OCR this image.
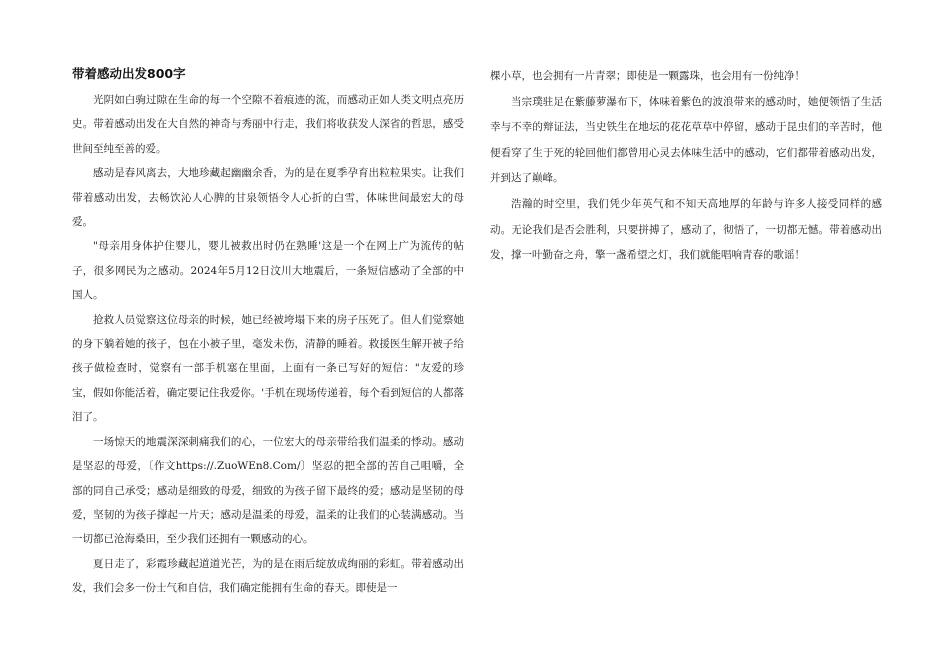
带着感动出发800字

光阴如白驹过隙在生命的每一个空隙不着痕迹的流，而感动正如人类文明点亮历史。带着感动出发在大自然的神奇与秀丽中行走，我们将收获发人深省的哲思，感受世间至纯至善的爱。

感动是春风离去，大地珍藏起幽幽余香，为的是在夏季孕育出粒粒果实。让我们带着感动出发，去畅饮沁人心脾的甘泉领悟令人心折的白雪，体味世间最宏大的母爱。

"母亲用身体护住婴儿，婴儿被救出时仍在熟睡'这是一个在网上广为流传的帖子，很多网民为之感动。2024年5月12日汶川大地震后，一条短信感动了全部的中国人。

抢救人员觉察这位母亲的时候，她已经被垮塌下来的房子压死了。但人们觉察她的身下躺着她的孩子，包在小被子里，毫发未伤，清静的睡着。救援医生解开被子给孩子做检查时，觉察有一部手机塞在里面，上面有一条已写好的短信："友爱的珍宝，假如你能活着，确定要记住我爱你。'手机在现场传递着，每个看到短信的人都落泪了。

一场惊天的地震深深刺痛我们的心，一位宏大的母亲带给我们温柔的悸动。感动是坚忍的母爱，〔作文https://.ZuoWEn8.Com/〕坚忍的把全部的苦自己咀嚼，全部的同自己承受；感动是细致的母爱，细致的为孩子留下最终的爱；感动是坚韧的母爱，坚韧的为孩子撑起一片天；感动是温柔的母爱，温柔的让我们的心装满感动。当一切都已沧海桑田，至少我们还拥有一颗感动的心。

夏日走了，彩霞珍藏起道道光芒，为的是在雨后绽放成绚丽的彩虹。带着感动出发，我们会多一份士气和自信，我们确定能拥有生命的春天。即使是一

棵小草，也会拥有一片青翠；即使是一颗露珠，也会用有一份纯净！

当宗璞驻足在紫藤萝瀑布下，体味着紫色的波浪带来的感动时，她便领悟了生活幸与不幸的辩证法，当史铁生在地坛的花花草草中停留，感动于昆虫们的辛苦时，他便看穿了生于死的轮回他们都曾用心灵去体味生活中的感动，它们都带着感动出发，并到达了巅峰。

浩瀚的时空里，我们凭少年英气和不知天高地厚的年龄与许多人接受同样的感动。无论我们是否会胜利，只要拼搏了，感动了，彻悟了，一切都无憾。带着感动出发，撑一叶勤奋之舟，擎一盏希望之灯，我们就能唱响青春的歌谣！
